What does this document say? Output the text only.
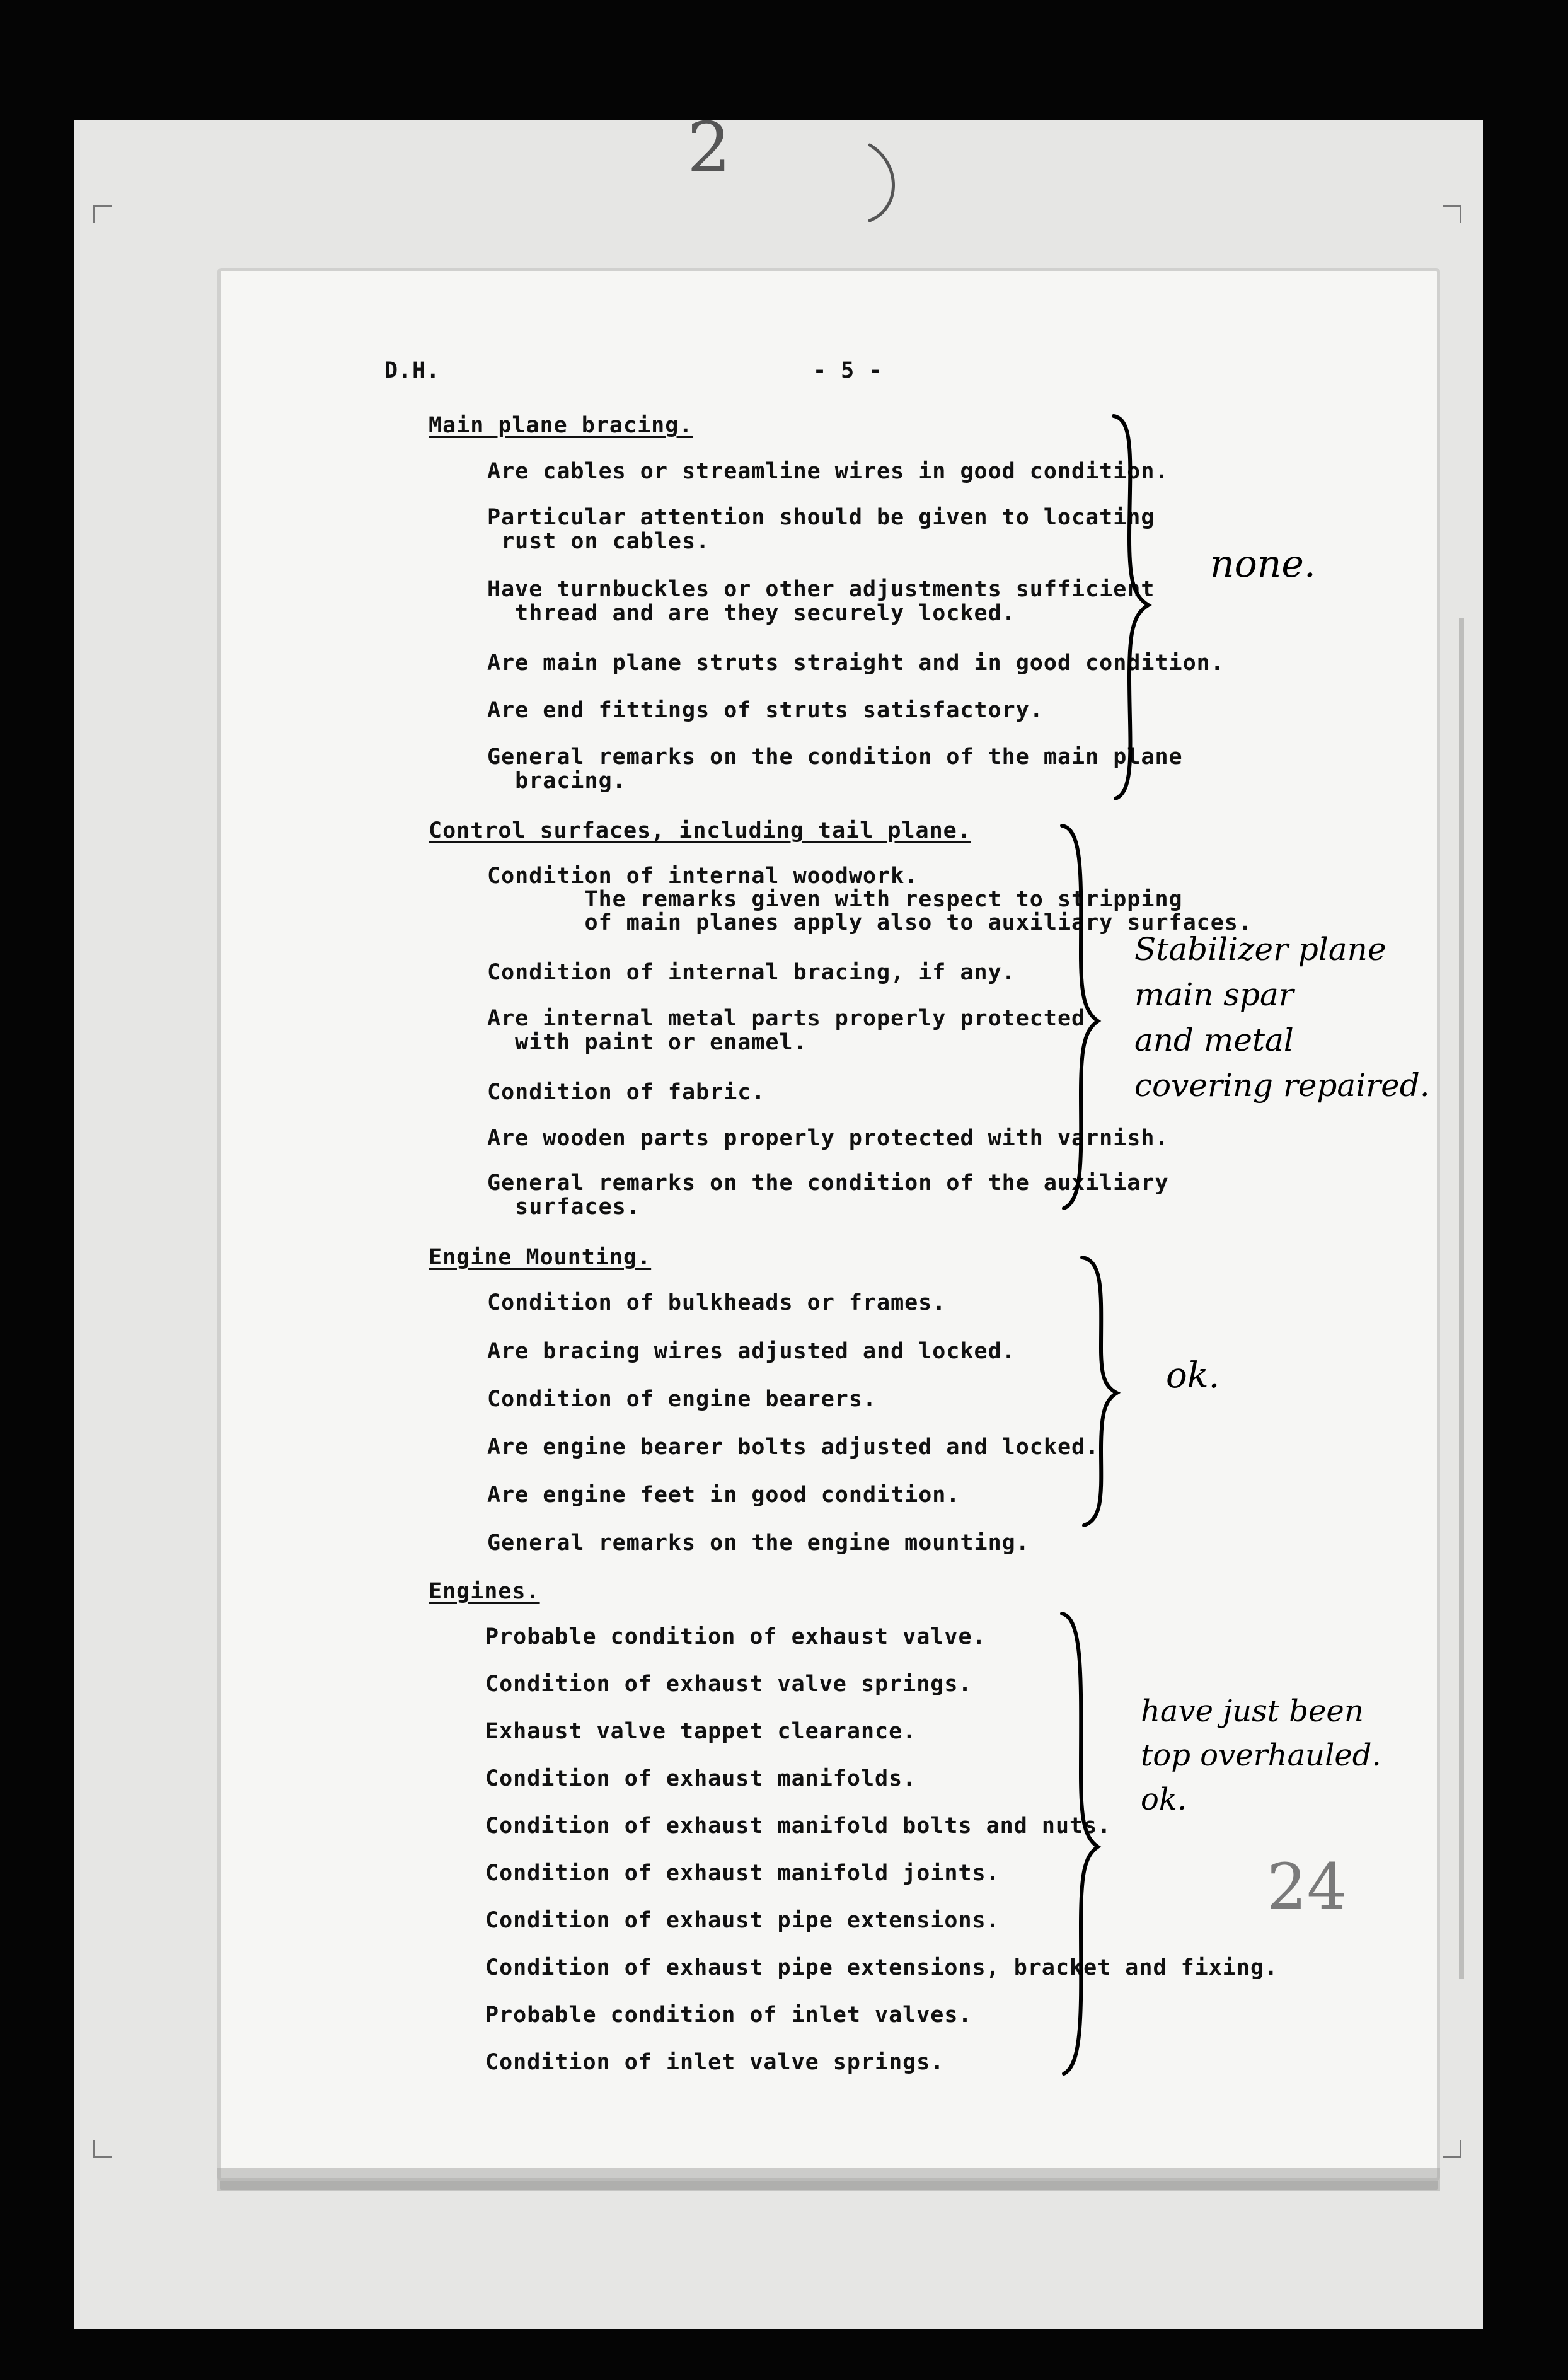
2
24
D.H.	- 5 -
Main plane bracing.
Are cables or streamline wires in good condition.
Particular attention should be given to locating
rust on cables.
Have turnbuckles or other adjustments sufficient
thread and are they securely locked.
Are main plane struts straight and in good condition.
Are end fittings of struts satisfactory.
General remarks on the condition of the main plane
bracing.
none.
Control surfaces, including tail plane.
Condition of internal woodwork.
The remarks given with respect to stripping
of main planes apply also to auxiliary surfaces.
Condition of internal bracing, if any.
Are internal metal parts properly protected
with paint or enamel.
Condition of fabric.
Are wooden parts properly protected with varnish.
General remarks on the condition of the auxiliary
surfaces.
Stabilizer plane
main spar
and metal
covering repaired.
Engine Mounting.
Condition of bulkheads or frames.
Are bracing wires adjusted and locked.
Condition of engine bearers.
Are engine bearer bolts adjusted and locked.
Are engine feet in good condition.
General remarks on the engine mounting.
ok.
Engines.
Probable condition of exhaust valve.
Condition of exhaust valve springs.
Exhaust valve tappet clearance.
Condition of exhaust manifolds.
Condition of exhaust manifold bolts and nuts.
Condition of exhaust manifold joints.
Condition of exhaust pipe extensions.
Condition of exhaust pipe extensions, bracket and fixing.
Probable condition of inlet valves.
Condition of inlet valve springs.
have just been
top overhauled.
ok.
